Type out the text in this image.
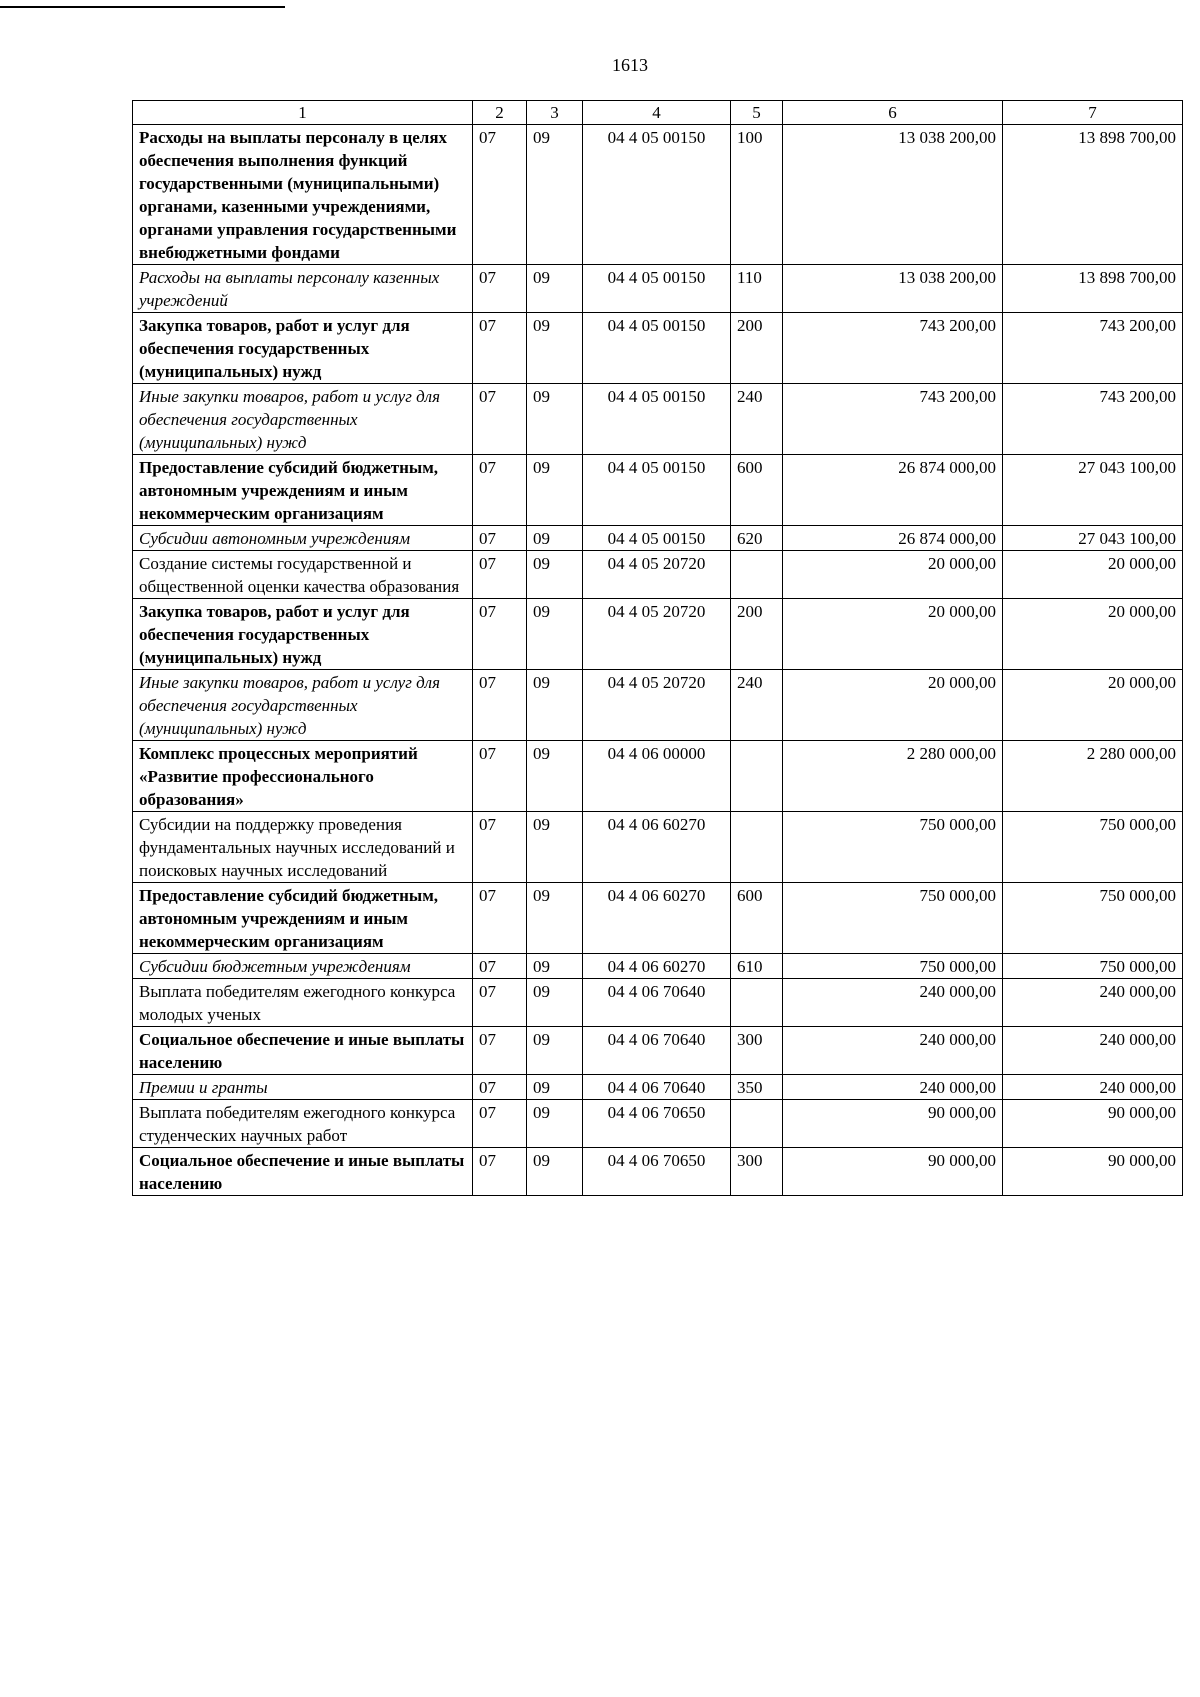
1613
1	2	3	4	5	6	7
Расходы на выплаты персоналу в целях обеспечения выполнения функций государственными (муниципальными) органами, казенными учреждениями, органами управления государственными внебюджетными фондами	07	09	04 4 05 00150	100	13 038 200,00	13 898 700,00
Расходы на выплаты персоналу казенных учреждений	07	09	04 4 05 00150	110	13 038 200,00	13 898 700,00
Закупка товаров, работ и услуг для обеспечения государственных (муниципальных) нужд	07	09	04 4 05 00150	200	743 200,00	743 200,00
Иные закупки товаров, работ и услуг для обеспечения государственных (муниципальных) нужд	07	09	04 4 05 00150	240	743 200,00	743 200,00
Предоставление субсидий бюджетным, автономным учреждениям и иным некоммерческим организациям	07	09	04 4 05 00150	600	26 874 000,00	27 043 100,00
Субсидии автономным учреждениям	07	09	04 4 05 00150	620	26 874 000,00	27 043 100,00
Создание системы государственной и общественной оценки качества образования	07	09	04 4 05 20720		20 000,00	20 000,00
Закупка товаров, работ и услуг для обеспечения государственных (муниципальных) нужд	07	09	04 4 05 20720	200	20 000,00	20 000,00
Иные закупки товаров, работ и услуг для обеспечения государственных (муниципальных) нужд	07	09	04 4 05 20720	240	20 000,00	20 000,00
Комплекс процессных мероприятий «Развитие профессионального образования»	07	09	04 4 06 00000		2 280 000,00	2 280 000,00
Субсидии на поддержку проведения фундаментальных научных исследований и поисковых научных исследований	07	09	04 4 06 60270		750 000,00	750 000,00
Предоставление субсидий бюджетным, автономным учреждениям и иным некоммерческим организациям	07	09	04 4 06 60270	600	750 000,00	750 000,00
Субсидии бюджетным учреждениям	07	09	04 4 06 60270	610	750 000,00	750 000,00
Выплата победителям ежегодного конкурса молодых ученых	07	09	04 4 06 70640		240 000,00	240 000,00
Социальное обеспечение и иные выплаты населению	07	09	04 4 06 70640	300	240 000,00	240 000,00
Премии и гранты	07	09	04 4 06 70640	350	240 000,00	240 000,00
Выплата победителям ежегодного конкурса студенческих научных работ	07	09	04 4 06 70650		90 000,00	90 000,00
Социальное обеспечение и иные выплаты населению	07	09	04 4 06 70650	300	90 000,00	90 000,00
